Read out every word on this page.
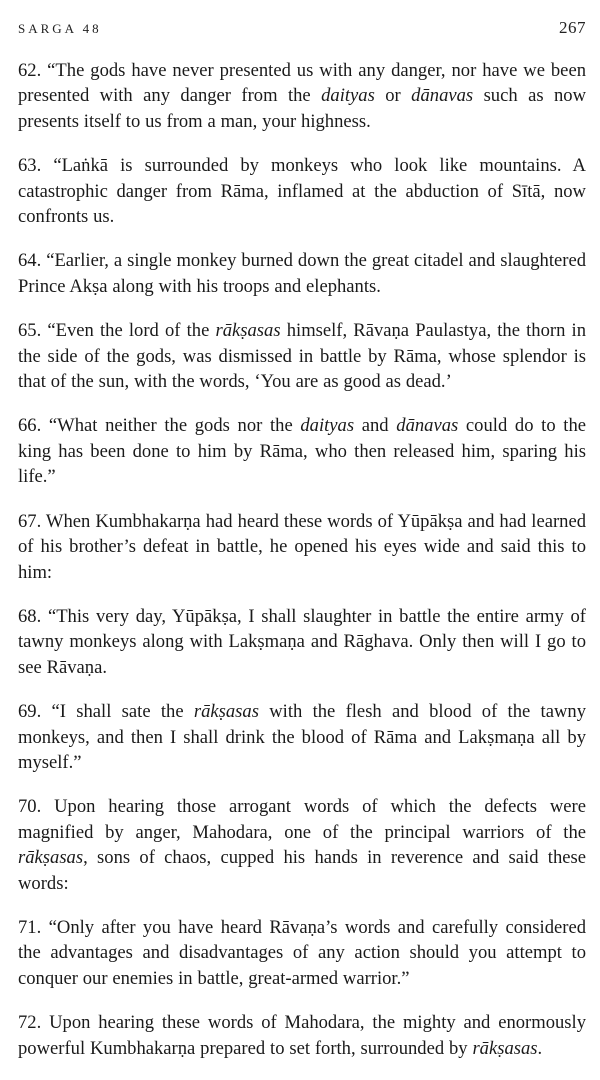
SARGA 48	267

62. “The gods have never presented us with any danger, nor have we been presented with any danger from the daityas or dānavas such as now presents itself to us from a man, your highness.

63. “Laṅkā is surrounded by monkeys who look like mountains. A catastrophic danger from Rāma, inflamed at the abduction of Sītā, now confronts us.

64. “Earlier, a single monkey burned down the great citadel and slaughtered Prince Akṣa along with his troops and elephants.

65. “Even the lord of the rākṣasas himself, Rāvaṇa Paulastya, the thorn in the side of the gods, was dismissed in battle by Rāma, whose splendor is that of the sun, with the words, ‘You are as good as dead.’

66. “What neither the gods nor the daityas and dānavas could do to the king has been done to him by Rāma, who then released him, sparing his life.”

67. When Kumbhakarṇa had heard these words of Yūpākṣa and had learned of his brother’s defeat in battle, he opened his eyes wide and said this to him:

68. “This very day, Yūpākṣa, I shall slaughter in battle the entire army of tawny monkeys along with Lakṣmaṇa and Rāghava. Only then will I go to see Rāvaṇa.

69. “I shall sate the rākṣasas with the flesh and blood of the tawny monkeys, and then I shall drink the blood of Rāma and Lakṣmaṇa all by myself.”

70. Upon hearing those arrogant words of which the defects were magnified by anger, Mahodara, one of the principal warriors of the rākṣasas, sons of chaos, cupped his hands in reverence and said these words:

71. “Only after you have heard Rāvaṇa’s words and carefully considered the advantages and disadvantages of any action should you attempt to conquer our enemies in battle, great-armed warrior.”

72. Upon hearing these words of Mahodara, the mighty and enormously powerful Kumbhakarṇa prepared to set forth, surrounded by rākṣasas.
